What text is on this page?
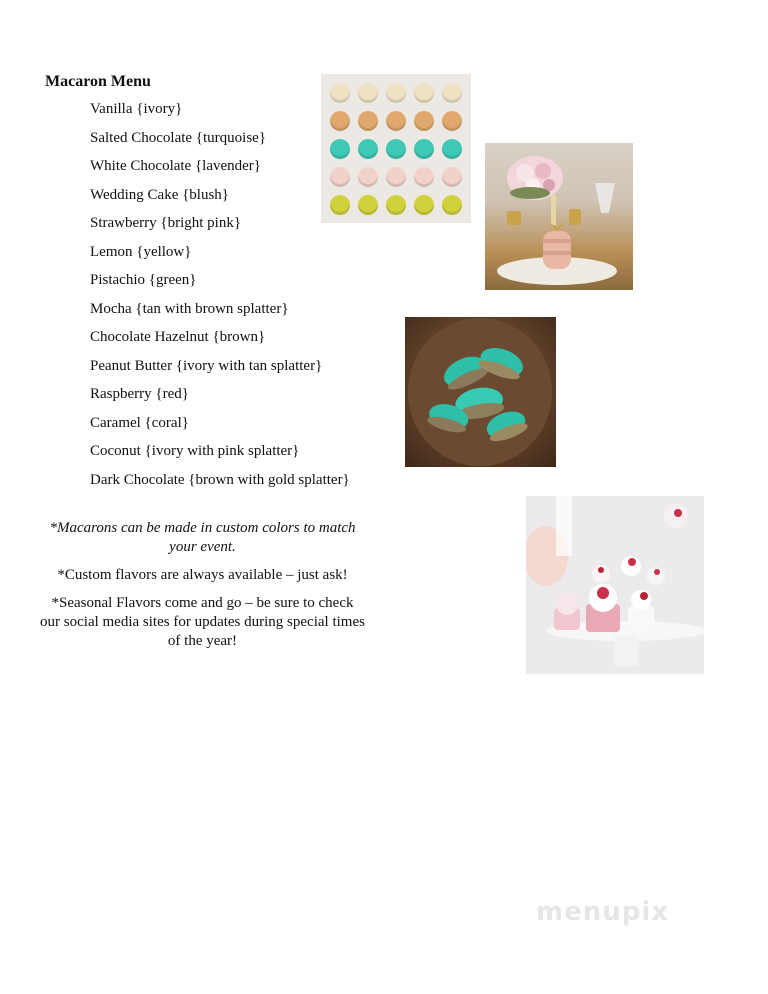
Macaron Menu
Vanilla {ivory}
Salted Chocolate {turquoise}
White Chocolate {lavender}
Wedding Cake {blush}
Strawberry {bright pink}
Lemon {yellow}
Pistachio {green}
Mocha {tan with brown splatter}
Chocolate Hazelnut {brown}
Peanut Butter {ivory with tan splatter}
Raspberry {red}
Caramel {coral}
Coconut {ivory with pink splatter}
Dark Chocolate {brown with gold splatter}

*Macarons can be made in custom colors to match your event.

*Custom flavors are always available – just ask!

*Seasonal Flavors come and go – be sure to check our social media sites for updates during special times of the year!

menupix
